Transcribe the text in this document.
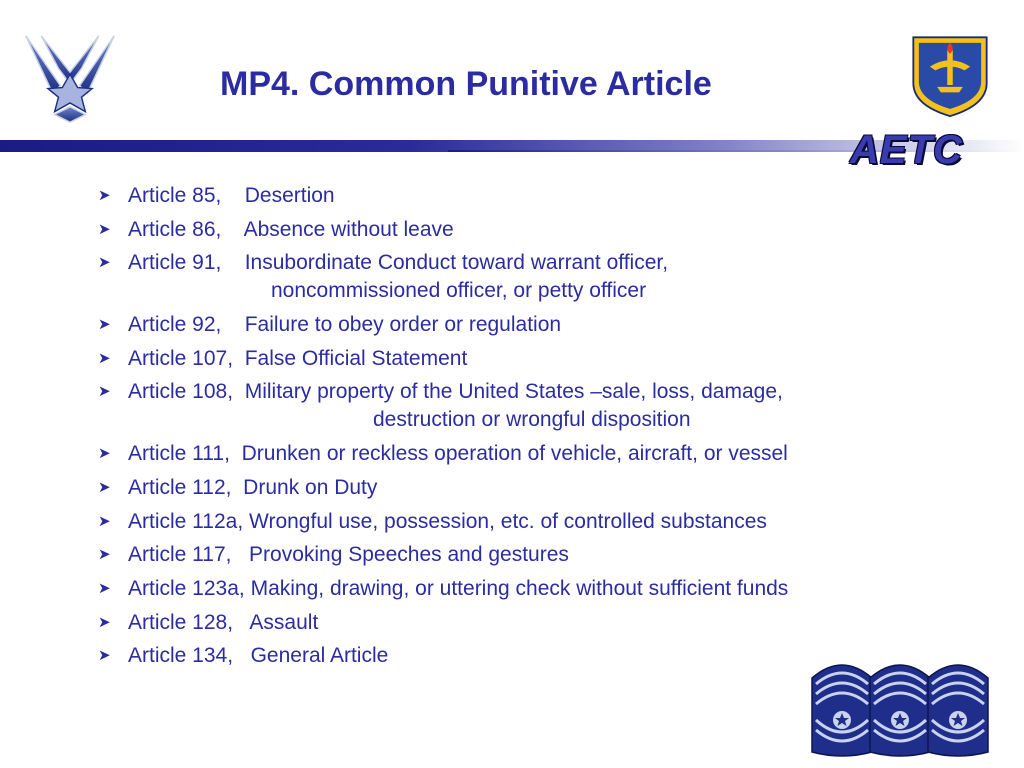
MP4. Common Punitive Article
AETC
➤ Article 85, Desertion
➤ Article 86, Absence without leave
➤ Article 91, Insubordinate Conduct toward warrant officer,
noncommissioned officer, or petty officer
➤ Article 92, Failure to obey order or regulation
➤ Article 107, False Official Statement
➤ Article 108, Military property of the United States –sale, loss, damage,
destruction or wrongful disposition
➤ Article 111, Drunken or reckless operation of vehicle, aircraft, or vessel
➤ Article 112, Drunk on Duty
➤ Article 112a, Wrongful use, possession, etc. of controlled substances
➤ Article 117, Provoking Speeches and gestures
➤ Article 123a, Making, drawing, or uttering check without sufficient funds
➤ Article 128, Assault
➤ Article 134, General Article
